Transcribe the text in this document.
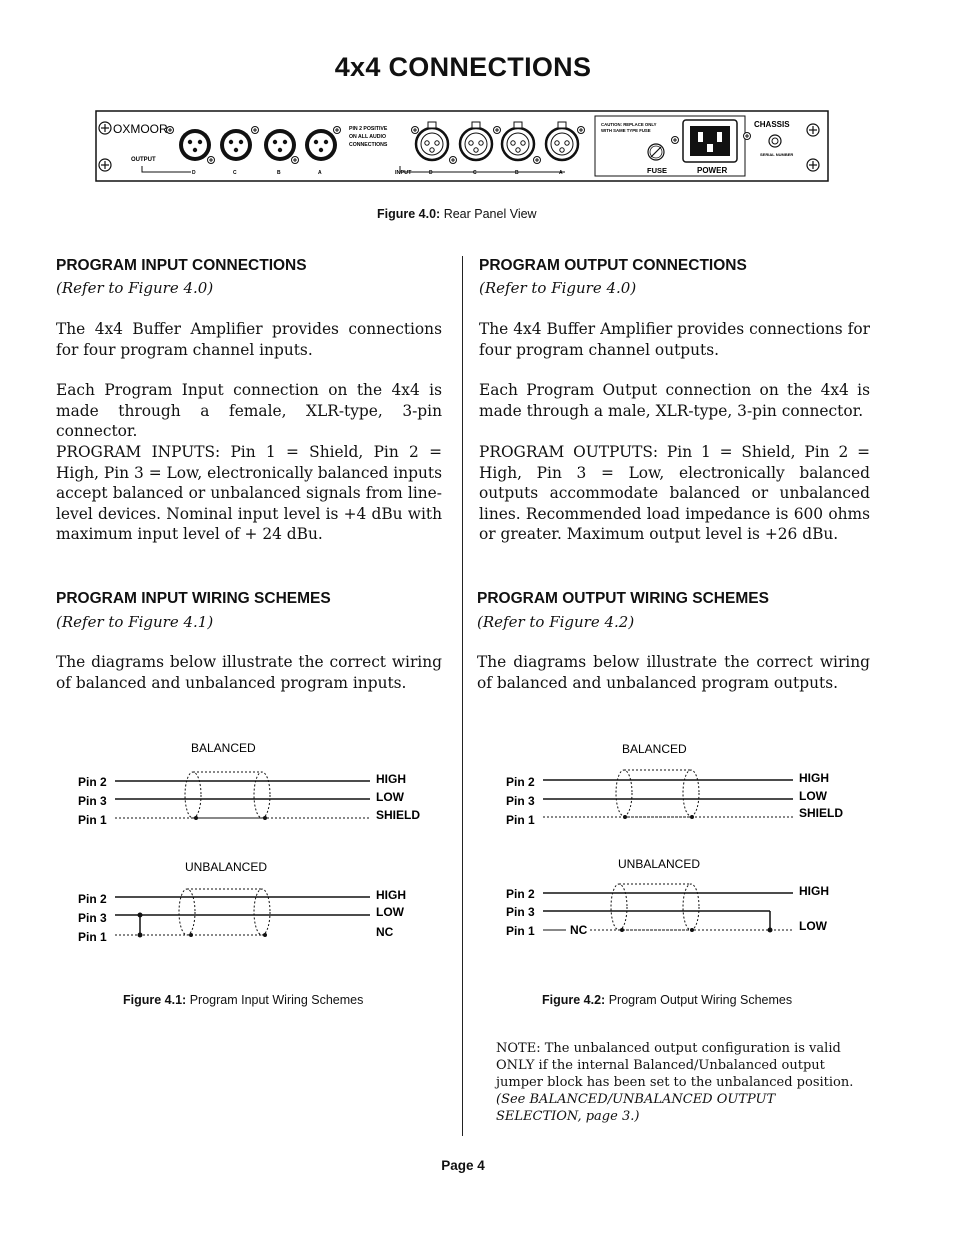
4x4 CONNECTIONS
D	C	B	A	D	C	B	A
OXMOOR
OUTPUT
INPUT
PIN 2 POSITIVE
ON ALL AUDIO
CONNECTIONS
CAUTION: REPLACE ONLY
WITH SAME TYPE FUSE
FUSE	POWER
CHASSIS
SERIAL NUMBER
Figure 4.0: Rear Panel View
PROGRAM INPUT CONNECTIONS
(Refer to Figure 4.0)
The 4x4 Buffer Amplifier provides connections for four program channel inputs.
Each Program Input connection on the 4x4 is made through a female, XLR-type, 3-pin connector.
PROGRAM INPUTS: Pin 1 = Shield, Pin 2 = High, Pin 3 = Low, electronically balanced inputs accept balanced or unbalanced signals from line-level devices. Nominal input level is +4 dBu with maximum input level of + 24 dBu.
PROGRAM INPUT WIRING SCHEMES
(Refer to Figure 4.1)
The diagrams below illustrate the correct wiring of balanced and unbalanced program inputs.
PROGRAM OUTPUT CONNECTIONS
(Refer to Figure 4.0)
The 4x4 Buffer Amplifier provides connections for four program channel outputs.
Each Program Output connection on the 4x4 is made through a male, XLR-type, 3-pin connector.
PROGRAM OUTPUTS: Pin 1 = Shield, Pin 2 = High, Pin 3 = Low, electronically balanced outputs accommodate balanced or unbalanced lines. Recommended load impedance is 600 ohms or greater. Maximum output level is +26 dBu.
PROGRAM OUTPUT WIRING SCHEMES
(Refer to Figure 4.2)
The diagrams below illustrate the correct wiring of balanced and unbalanced program outputs.
BALANCED
Pin 2
Pin 3
Pin 1
HIGH
LOW
SHIELD
UNBALANCED
Pin 2
Pin 3
Pin 1
HIGH
LOW
NC
Figure 4.1: Program Input Wiring Schemes
BALANCED
Pin 2
Pin 3
Pin 1
HIGH
LOW
SHIELD
UNBALANCED
Pin 2
Pin 3
Pin 1	NC
HIGH
LOW
Figure 4.2: Program Output Wiring Schemes
NOTE: The unbalanced output configuration is valid ONLY if the internal Balanced/Unbalanced output jumper block has been set to the unbalanced position. (See BALANCED/UNBALANCED OUTPUT SELECTION, page 3.)
Page 4
